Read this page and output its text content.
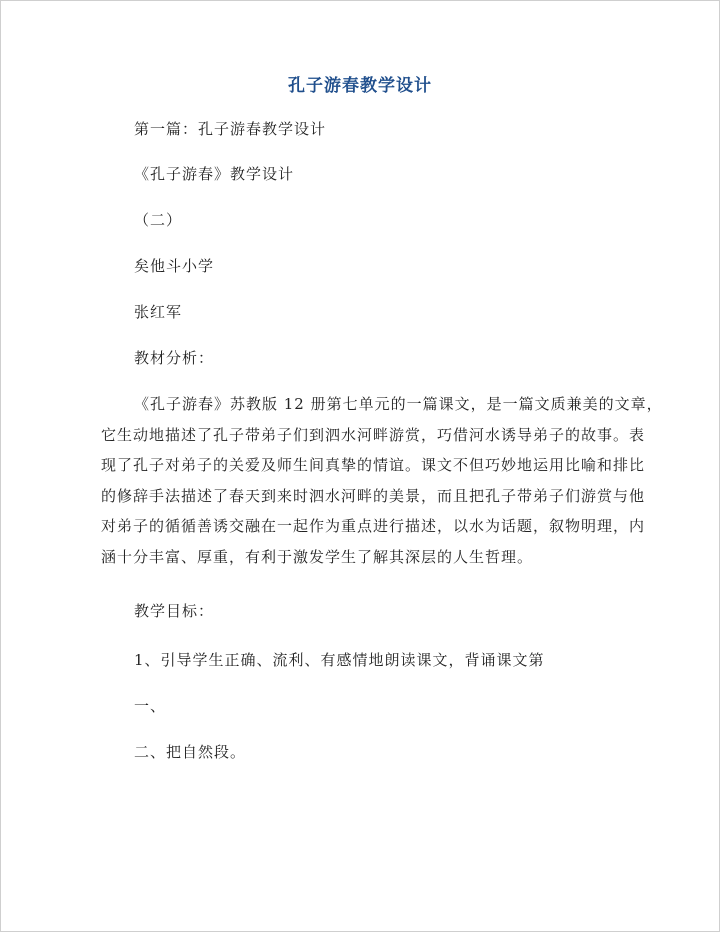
孔子游春教学设计
第一篇：孔子游春教学设计
《孔子游春》教学设计
（二）
矣他斗小学
张红军
教材分析：
《孔子游春》苏教版 12 册第七单元的一篇课文，是一篇文质兼美的文章，
它生动地描述了孔子带弟子们到泗水河畔游赏，巧借河水诱导弟子的故事。表
现了孔子对弟子的关爱及师生间真挚的情谊。课文不但巧妙地运用比喻和排比
的修辞手法描述了春天到来时泗水河畔的美景，而且把孔子带弟子们游赏与他
对弟子的循循善诱交融在一起作为重点进行描述，以水为话题，叙物明理，内
涵十分丰富、厚重，有利于激发学生了解其深层的人生哲理。
教学目标：
1、引导学生正确、流利、有感情地朗读课文，背诵课文第
一、
二、把自然段。
